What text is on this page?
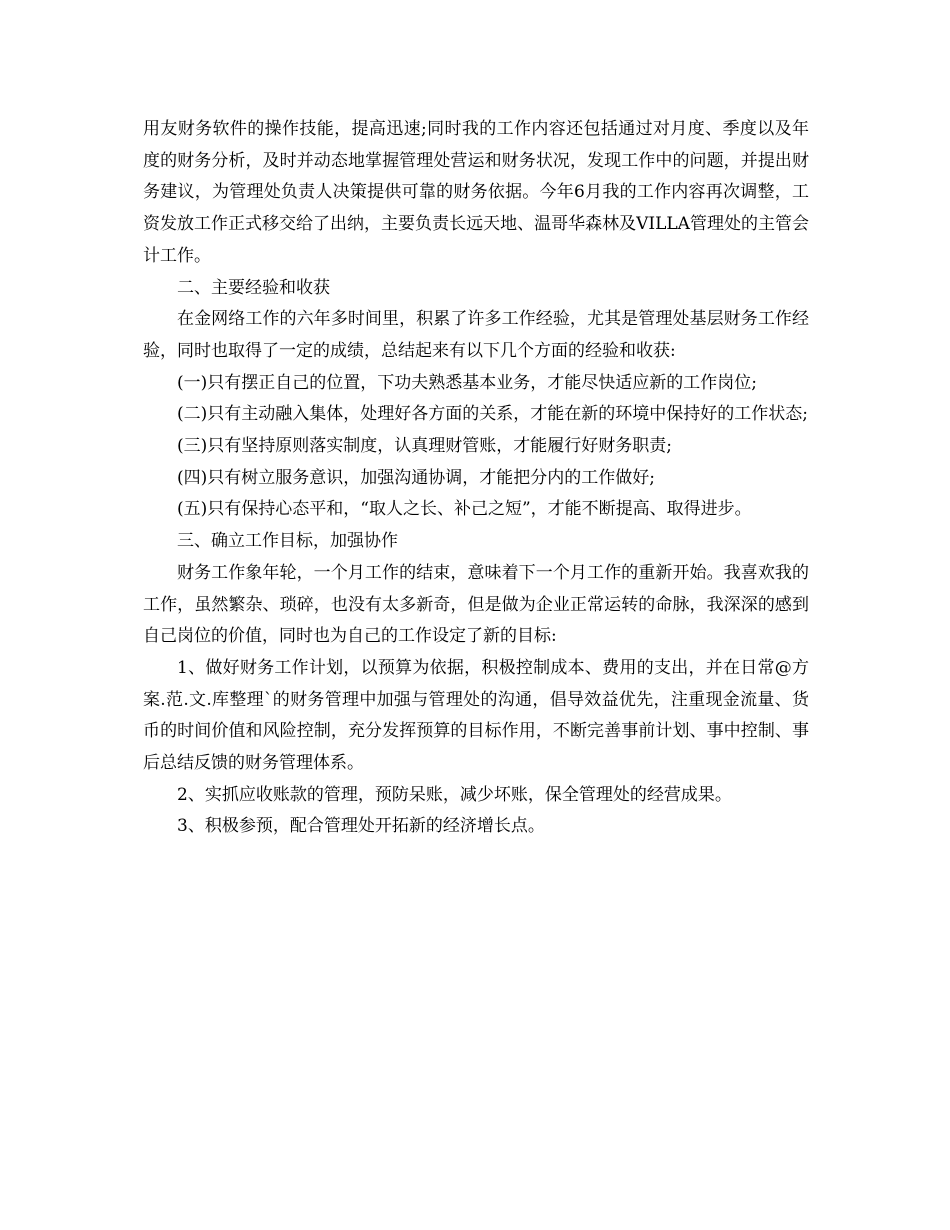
用友财务软件的操作技能，提高迅速;同时我的工作内容还包括通过对月度、季度以及年度的财务分析，及时并动态地掌握管理处营运和财务状况，发现工作中的问题，并提出财务建议，为管理处负责人决策提供可靠的财务依据。今年6月我的工作内容再次调整，工资发放工作正式移交给了出纳，主要负责长远天地、温哥华森林及VILLA管理处的主管会计工作。

二、主要经验和收获

在金网络工作的六年多时间里，积累了许多工作经验，尤其是管理处基层财务工作经验，同时也取得了一定的成绩，总结起来有以下几个方面的经验和收获:

(一)只有摆正自己的位置，下功夫熟悉基本业务，才能尽快适应新的工作岗位;

(二)只有主动融入集体，处理好各方面的关系，才能在新的环境中保持好的工作状态;

(三)只有坚持原则落实制度，认真理财管账，才能履行好财务职责;

(四)只有树立服务意识，加强沟通协调，才能把分内的工作做好;

(五)只有保持心态平和，“取人之长、补己之短”，才能不断提高、取得进步。

三、确立工作目标，加强协作

财务工作象年轮，一个月工作的结束，意味着下一个月工作的重新开始。我喜欢我的工作，虽然繁杂、琐碎，也没有太多新奇，但是做为企业正常运转的命脉，我深深的感到自己岗位的价值，同时也为自己的工作设定了新的目标:

1、做好财务工作计划，以预算为依据，积极控制成本、费用的支出，并在日常@方案.范.文.库整理`的财务管理中加强与管理处的沟通，倡导效益优先，注重现金流量、货币的时间价值和风险控制，充分发挥预算的目标作用，不断完善事前计划、事中控制、事后总结反馈的财务管理体系。

2、实抓应收账款的管理，预防呆账，减少坏账，保全管理处的经营成果。

3、积极参预，配合管理处开拓新的经济增长点。
